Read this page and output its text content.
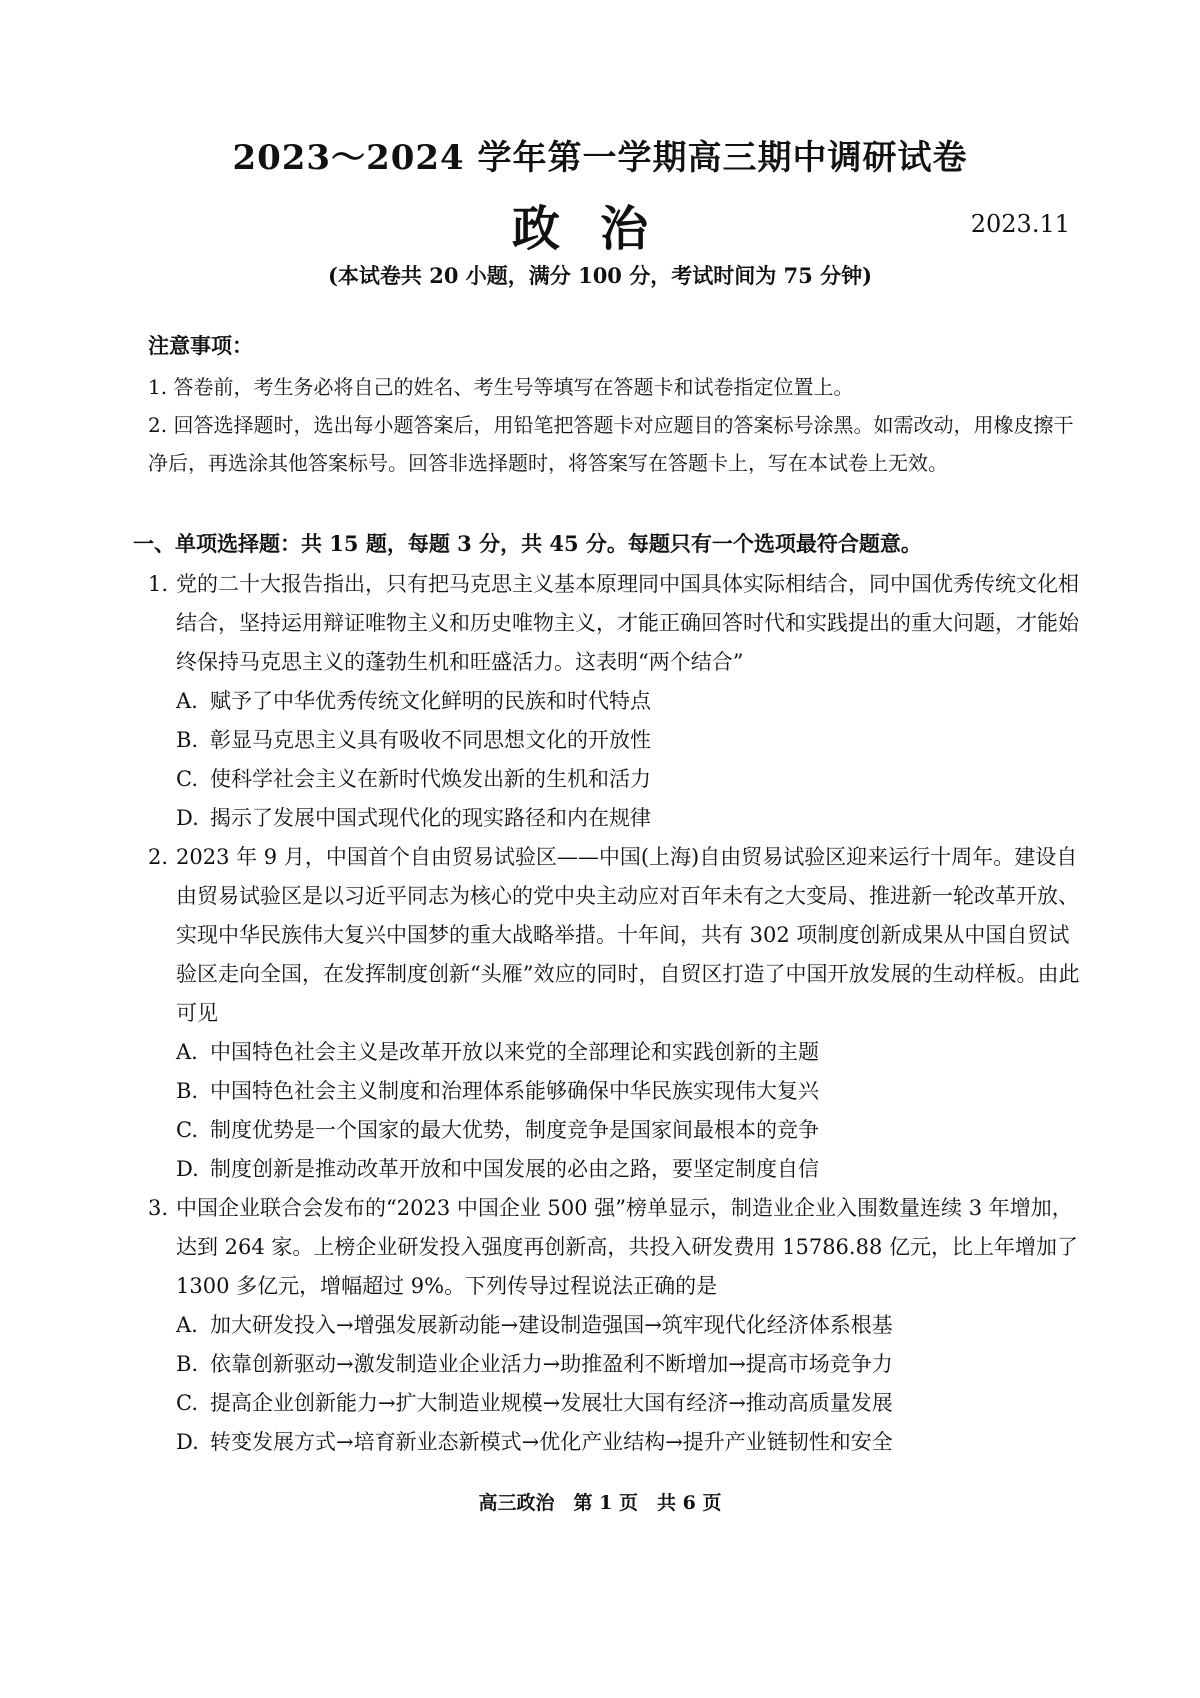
2023～2024 学年第一学期高三期中调研试卷
政治	2023.11
(本试卷共 20 小题，满分 100 分，考试时间为 75 分钟)
注意事项：
1. 答卷前，考生务必将自己的姓名、考生号等填写在答题卡和试卷指定位置上。
2. 回答选择题时，选出每小题答案后，用铅笔把答题卡对应题目的答案标号涂黑。如需改动，用橡皮擦干净后，再选涂其他答案标号。回答非选择题时，将答案写在答题卡上，写在本试卷上无效。
一、单项选择题：共 15 题，每题 3 分，共 45 分。每题只有一个选项最符合题意。
1. 党的二十大报告指出，只有把马克思主义基本原理同中国具体实际相结合，同中国优秀传统文化相结合，坚持运用辩证唯物主义和历史唯物主义，才能正确回答时代和实践提出的重大问题，才能始终保持马克思主义的蓬勃生机和旺盛活力。这表明“两个结合”
A. 赋予了中华优秀传统文化鲜明的民族和时代特点
B. 彰显马克思主义具有吸收不同思想文化的开放性
C. 使科学社会主义在新时代焕发出新的生机和活力
D. 揭示了发展中国式现代化的现实路径和内在规律
2. 2023 年 9 月，中国首个自由贸易试验区——中国(上海)自由贸易试验区迎来运行十周年。建设自由贸易试验区是以习近平同志为核心的党中央主动应对百年未有之大变局、推进新一轮改革开放、实现中华民族伟大复兴中国梦的重大战略举措。十年间，共有 302 项制度创新成果从中国自贸试验区走向全国，在发挥制度创新“头雁”效应的同时，自贸区打造了中国开放发展的生动样板。由此可见
A. 中国特色社会主义是改革开放以来党的全部理论和实践创新的主题
B. 中国特色社会主义制度和治理体系能够确保中华民族实现伟大复兴
C. 制度优势是一个国家的最大优势，制度竞争是国家间最根本的竞争
D. 制度创新是推动改革开放和中国发展的必由之路，要坚定制度自信
3. 中国企业联合会发布的“2023 中国企业 500 强”榜单显示，制造业企业入围数量连续 3 年增加，达到 264 家。上榜企业研发投入强度再创新高，共投入研发费用 15786.88 亿元，比上年增加了 1300 多亿元，增幅超过 9%。下列传导过程说法正确的是
A. 加大研发投入→增强发展新动能→建设制造强国→筑牢现代化经济体系根基
B. 依靠创新驱动→激发制造业企业活力→助推盈利不断增加→提高市场竞争力
C. 提高企业创新能力→扩大制造业规模→发展壮大国有经济→推动高质量发展
D. 转变发展方式→培育新业态新模式→优化产业结构→提升产业链韧性和安全
高三政治　第 1 页　共 6 页
